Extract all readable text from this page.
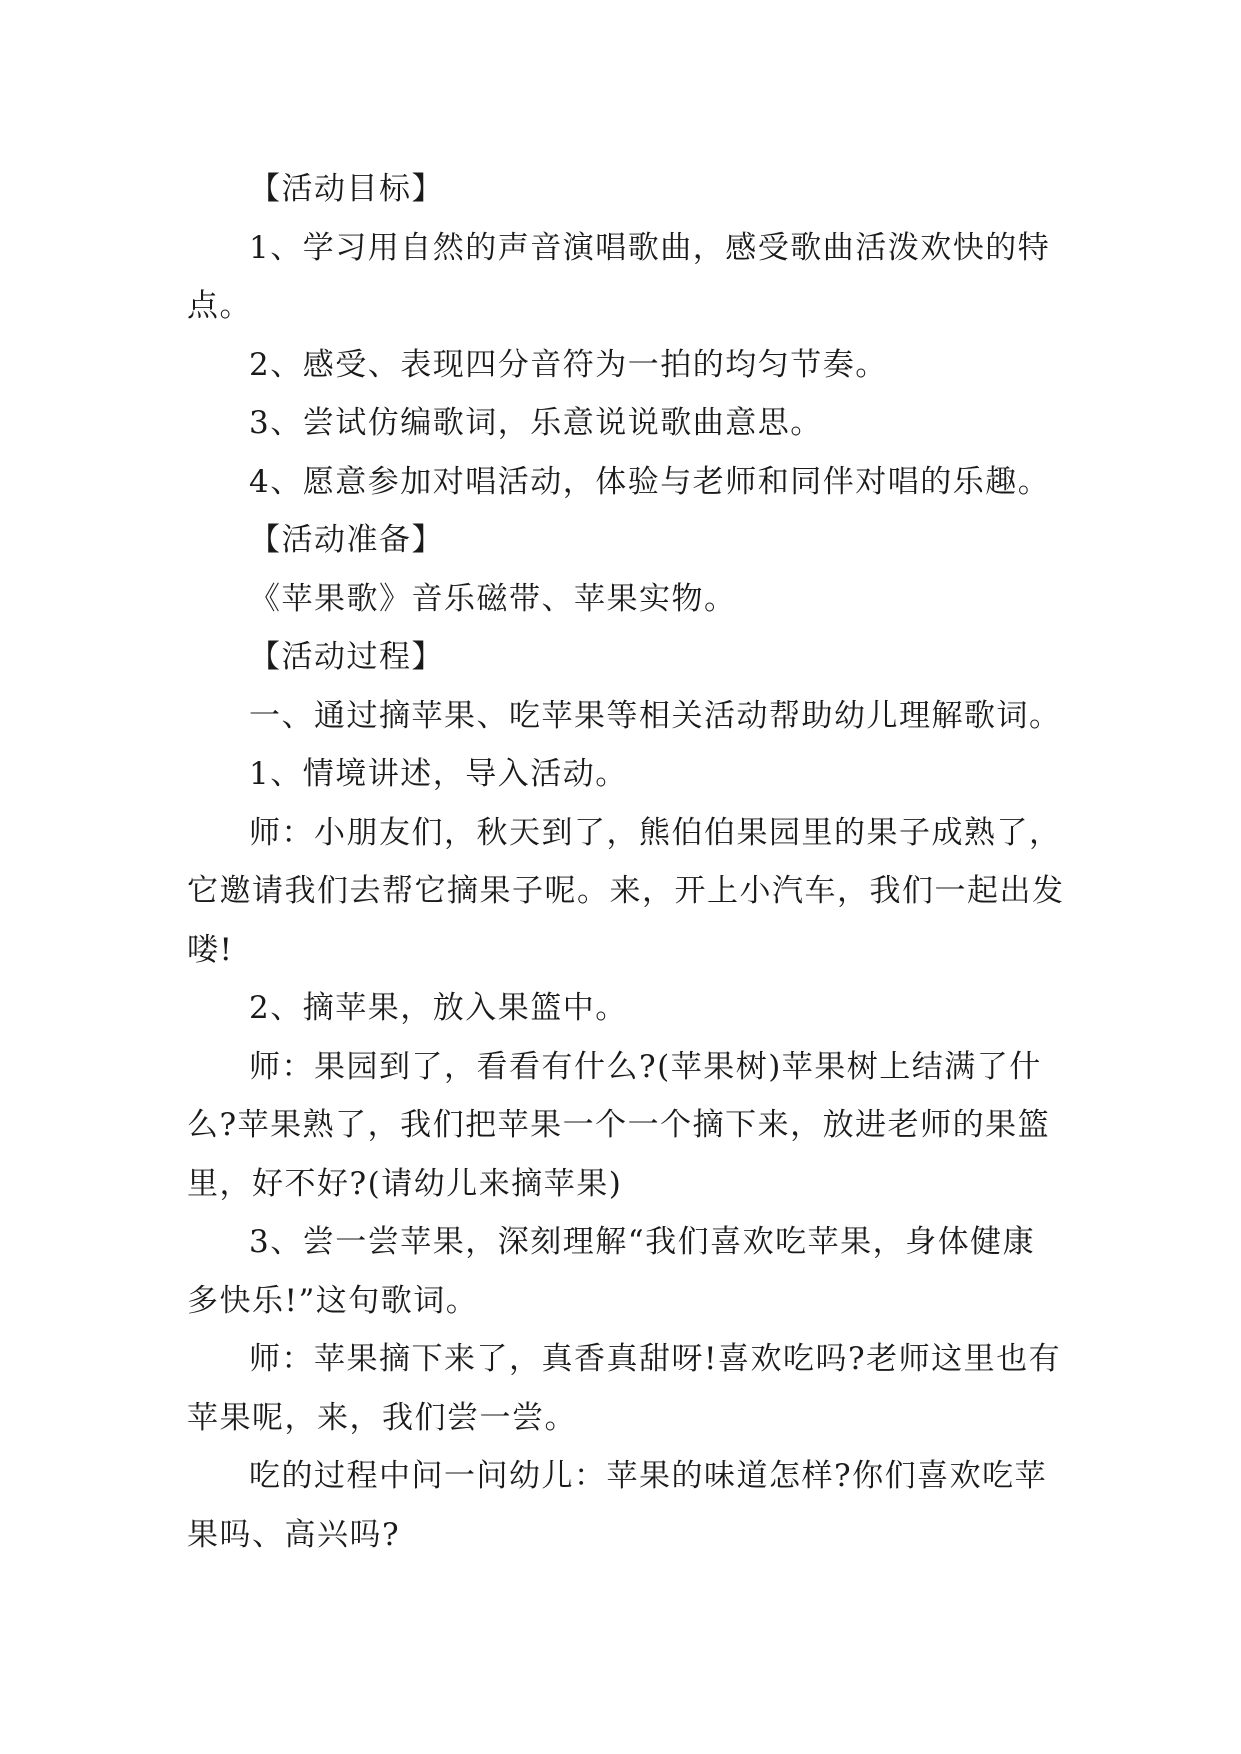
【活动目标】

1、学习用自然的声音演唱歌曲，感受歌曲活泼欢快的特点。

2、感受、表现四分音符为一拍的均匀节奏。

3、尝试仿编歌词，乐意说说歌曲意思。

4、愿意参加对唱活动，体验与老师和同伴对唱的乐趣。

【活动准备】

《苹果歌》音乐磁带、苹果实物。

【活动过程】

一、通过摘苹果、吃苹果等相关活动帮助幼儿理解歌词。

1、情境讲述，导入活动。

师：小朋友们，秋天到了，熊伯伯果园里的果子成熟了，它邀请我们去帮它摘果子呢。来，开上小汽车，我们一起出发喽!

2、摘苹果，放入果篮中。

师：果园到了，看看有什么?(苹果树)苹果树上结满了什么?苹果熟了，我们把苹果一个一个摘下来，放进老师的果篮里，好不好?(请幼儿来摘苹果)

3、尝一尝苹果，深刻理解“我们喜欢吃苹果，身体健康多快乐!”这句歌词。

师：苹果摘下来了，真香真甜呀!喜欢吃吗?老师这里也有苹果呢，来，我们尝一尝。

吃的过程中问一问幼儿：苹果的味道怎样?你们喜欢吃苹果吗、高兴吗?
